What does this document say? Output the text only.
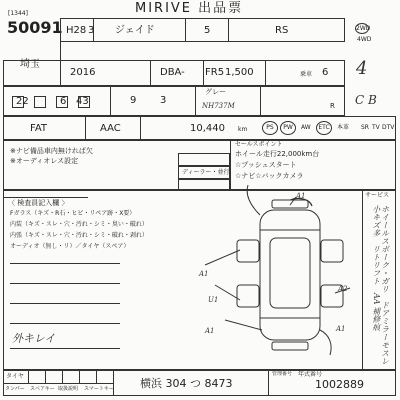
[1344]
50091
MIRIVE 出品票
H28 3 ジェイド	5	RS	2WD
4WD
埼玉
2016	DBA- FR5 1,500	乗車 6 4
22	6 43	9 3
グレー
NH737M	R C B
FAT	AAC	10,440 km	PS	PW	AW	ETC	本革 SR TV DTV
※ナビ備品車内無ければ欠
※オーディオレス設定
ディーラー・並行
セールスポイント
ホイール走行22,000km台
☆プッシュスタート
☆ナビ☆バックカメラ
〈 検査員記入欄 〉
Fガラス（キズ・R石・ヒビ・リペア跡・X要）
内装（キズ・スレ・穴・汚れ・シミ・臭い・破れ）
内張（キズ・スレ・穴・汚れ・シミ・破れ・剥れ）
オーディオ（無し・リ）／タイヤ（スペア）
外キレイ
年式番号
A1
A1
A1
U1
A2
A1
サービス
ホイールスポーク・ガリ　ドアミラーモスレ小キズ多　リトリフト　AA 補修痕
タイヤ
タンパー スペアキー 取扱説明 スマートキー 横浜 304 つ 8473
管理番号
1002889
